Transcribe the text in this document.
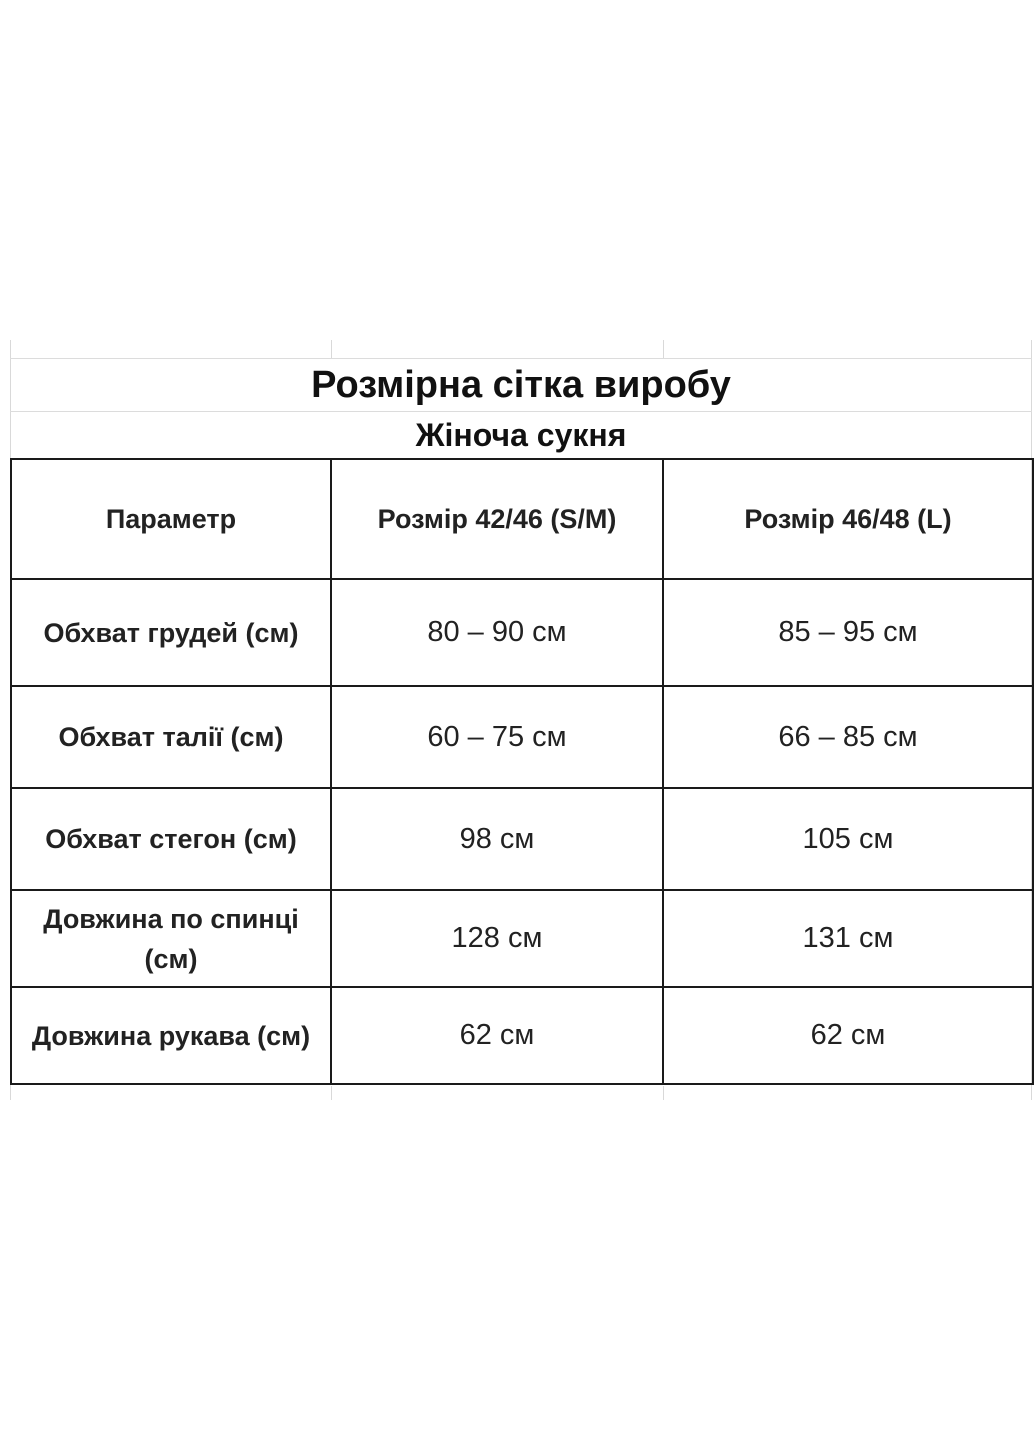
Розмірна сітка виробу
Жіноча сукня
Параметр	Розмір 42/46 (S/M)	Розмір 46/48 (L)
Обхват грудей (см)	80 – 90 см	85 – 95 см
Обхват талії (см)	60 – 75 см	66 – 85 см
Обхват стегон (см)	98 см	105 см
Довжина по спинці (см)	128 см	131 см
Довжина рукава (см)	62 см	62 см
